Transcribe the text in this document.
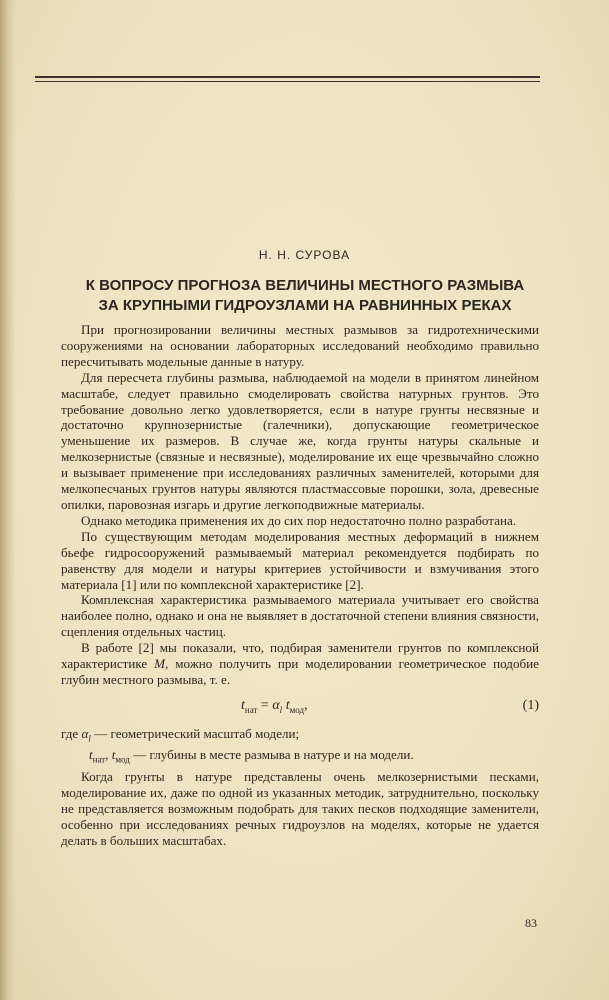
Н. Н. СУРОВА
К ВОПРОСУ ПРОГНОЗА ВЕЛИЧИНЫ МЕСТНОГО РАЗМЫВА
ЗА КРУПНЫМИ ГИДРОУЗЛАМИ НА РАВНИННЫХ РЕКАХ

При прогнозировании величины местных размывов за гидротехническими сооружениями на основании лабораторных исследований необходимо правильно пересчитывать модельные данные в натуру.

Для пересчета глубины размыва, наблюдаемой на модели в принятом линейном масштабе, следует правильно смоделировать свойства натурных грунтов. Это требование довольно легко удовлетворяется, если в натуре грунты несвязные и достаточно крупнозернистые (галечники), допускающие геометрическое уменьшение их размеров. В случае же, когда грунты натуры скальные и мелкозернистые (связные и несвязные), моделирование их еще чрезвычайно сложно и вызывает применение при исследованиях различных заменителей, которыми для мелкопесчаных грунтов натуры являются пластмассовые порошки, зола, древесные опилки, паровозная изгарь и другие легкоподвижные материалы.

Однако методика применения их до сих пор недостаточно полно разработана.

По существующим методам моделирования местных деформаций в нижнем бьефе гидросооружений размываемый материал рекомендуется подбирать по равенству для модели и натуры критериев устойчивости и взмучивания этого материала [1] или по комплексной характеристике [2].

Комплексная характеристика размываемого материала учитывает его свойства наиболее полно, однако и она не выявляет в достаточной степени влияния связности, сцепления отдельных частиц.

В работе [2] мы показали, что, подбирая заменители грунтов по комплексной характеристике M, можно получить при моделировании геометрическое подобие глубин местного размыва, т. е.

$t_{нат} = \alpha_l$ $t_{мод}$,	(1)

где $\alpha_l$ — геометрический масштаб модели;

$t_{нат}$, $t_{мод}$ — глубины в месте размыва в натуре и на модели.

Когда грунты в натуре представлены очень мелкозернистыми песками, моделирование их, даже по одной из указанных методик, затруднительно, поскольку не представляется возможным подобрать для таких песков подходящие заменители, особенно при исследованиях речных гидроузлов на моделях, которые не удается делать в больших масштабах.

83
